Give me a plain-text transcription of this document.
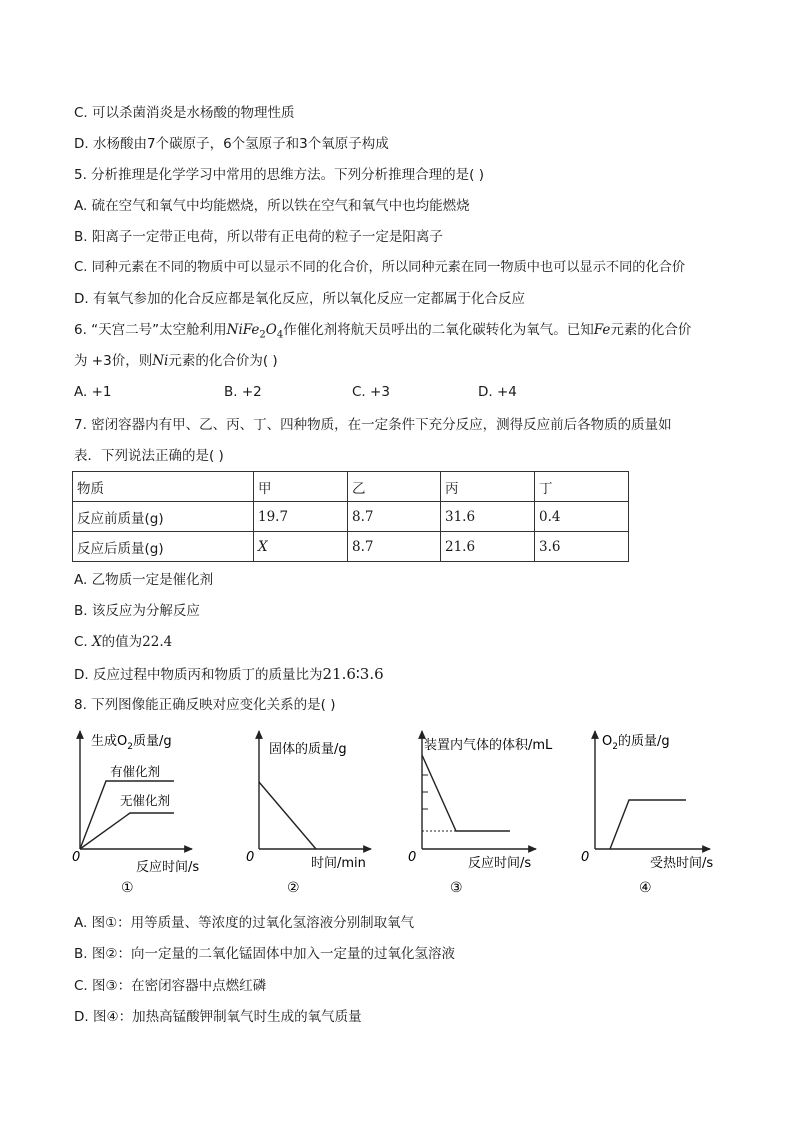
C. 可以杀菌消炎是水杨酸的物理性质
D. 水杨酸由7个碳原子，6个氢原子和3个氧原子构成
5. 分析推理是化学学习中常用的思维方法。下列分析推理合理的是( )
A. 硫在空气和氧气中均能燃烧，所以铁在空气和氧气中也均能燃烧
B. 阳离子一定带正电荷，所以带有正电荷的粒子一定是阳离子
C. 同种元素在不同的物质中可以显示不同的化合价，所以同种元素在同一物质中也可以显示不同的化合价
D. 有氧气参加的化合反应都是氧化反应，所以氧化反应一定都属于化合反应
6. “天宫二号”太空舱利用$NiFe_2O_4$作催化剂将航天员呼出的二氧化碳转化为氧气。已知Fe元素的化合价
为 +3价，则Ni元素的化合价为( )
A. +1	B. +2	C. +3	D. +4
7. 密闭容器内有甲、乙、丙、丁、四种物质，在一定条件下充分反应，测得反应前后各物质的质量如
表．下列说法正确的是( )
物质	甲	乙	丙	丁
反应前质量(g)	19.7	8.7	31.6	0.4
反应后质量(g)	X	8.7	21.6	3.6
A. 乙物质一定是催化剂
B. 该反应为分解反应
C. X的值为22.4
D. 反应过程中物质丙和物质丁的质量比为21.6∶3.6
8. 下列图像能正确反映对应变化关系的是( )
生成$O_2$质量/g
0
反应时间/s
有催化剂
无催化剂
①
固体的质量/g
0	时间/min
②
装置内气体的体积/mL
0	反应时间/s
③
$O_2$的质量/g
0	受热时间/s
④
A. 图①：用等质量、等浓度的过氧化氢溶液分别制取氧气
B. 图②：向一定量的二氧化锰固体中加入一定量的过氧化氢溶液
C. 图③：在密闭容器中点燃红磷
D. 图④：加热高锰酸钾制氧气时生成的氧气质量
